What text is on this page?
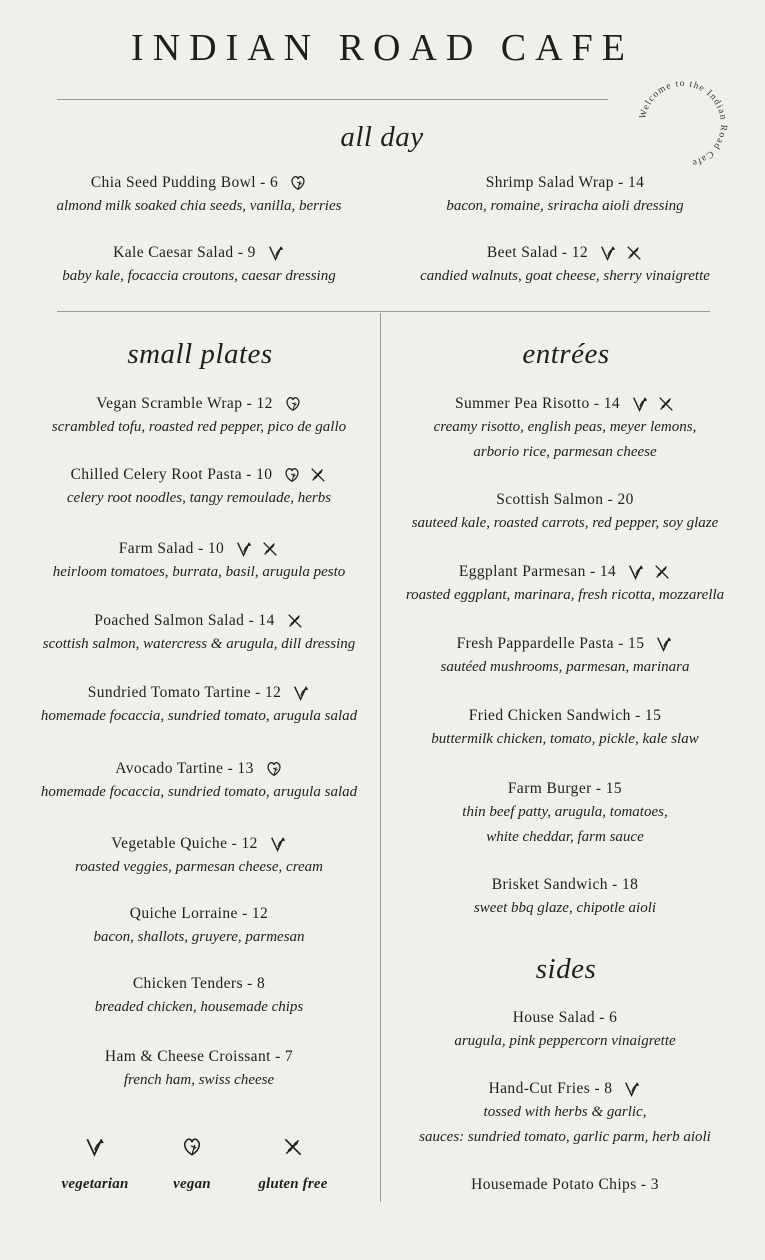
INDIAN ROAD CAFE
Welcome to the Indian Road Cafe
all day
small plates	entrées
sides
Chia Seed Pudding Bowl - 6
almond milk soaked chia seeds, vanilla, berries
Shrimp Salad Wrap - 14
bacon, romaine, sriracha aioli dressing
Kale Caesar Salad - 9
baby kale, focaccia croutons, caesar dressing
Beet Salad - 12
candied walnuts, goat cheese, sherry vinaigrette
Vegan Scramble Wrap - 12
scrambled tofu, roasted red pepper, pico de gallo
Chilled Celery Root Pasta - 10
celery root noodles, tangy remoulade, herbs
Farm Salad - 10
heirloom tomatoes, burrata, basil, arugula pesto
Poached Salmon Salad - 14
scottish salmon, watercress & arugula, dill dressing
Sundried Tomato Tartine - 12
homemade focaccia, sundried tomato, arugula salad
Avocado Tartine - 13
homemade focaccia, sundried tomato, arugula salad
Vegetable Quiche - 12
roasted veggies, parmesan cheese, cream
Quiche Lorraine - 12
bacon, shallots, gruyere, parmesan
Chicken Tenders - 8
breaded chicken, housemade chips
Ham & Cheese Croissant - 7
french ham, swiss cheese
Summer Pea Risotto - 14
creamy risotto, english peas, meyer lemons,
arborio rice, parmesan cheese
Scottish Salmon - 20
sauteed kale, roasted carrots, red pepper, soy glaze
Eggplant Parmesan - 14
roasted eggplant, marinara, fresh ricotta, mozzarella
Fresh Pappardelle Pasta - 15
sautéed mushrooms, parmesan, marinara
Fried Chicken Sandwich - 15
buttermilk chicken, tomato, pickle, kale slaw
Farm Burger - 15
thin beef patty, arugula, tomatoes,
white cheddar, farm sauce
Brisket Sandwich - 18
sweet bbq glaze, chipotle aioli
House Salad - 6
arugula, pink peppercorn vinaigrette
Hand-Cut Fries - 8
tossed with herbs & garlic,
sauces: sundried tomato, garlic parm, herb aioli
Housemade Potato Chips - 3
vegetarian	vegan	gluten free
